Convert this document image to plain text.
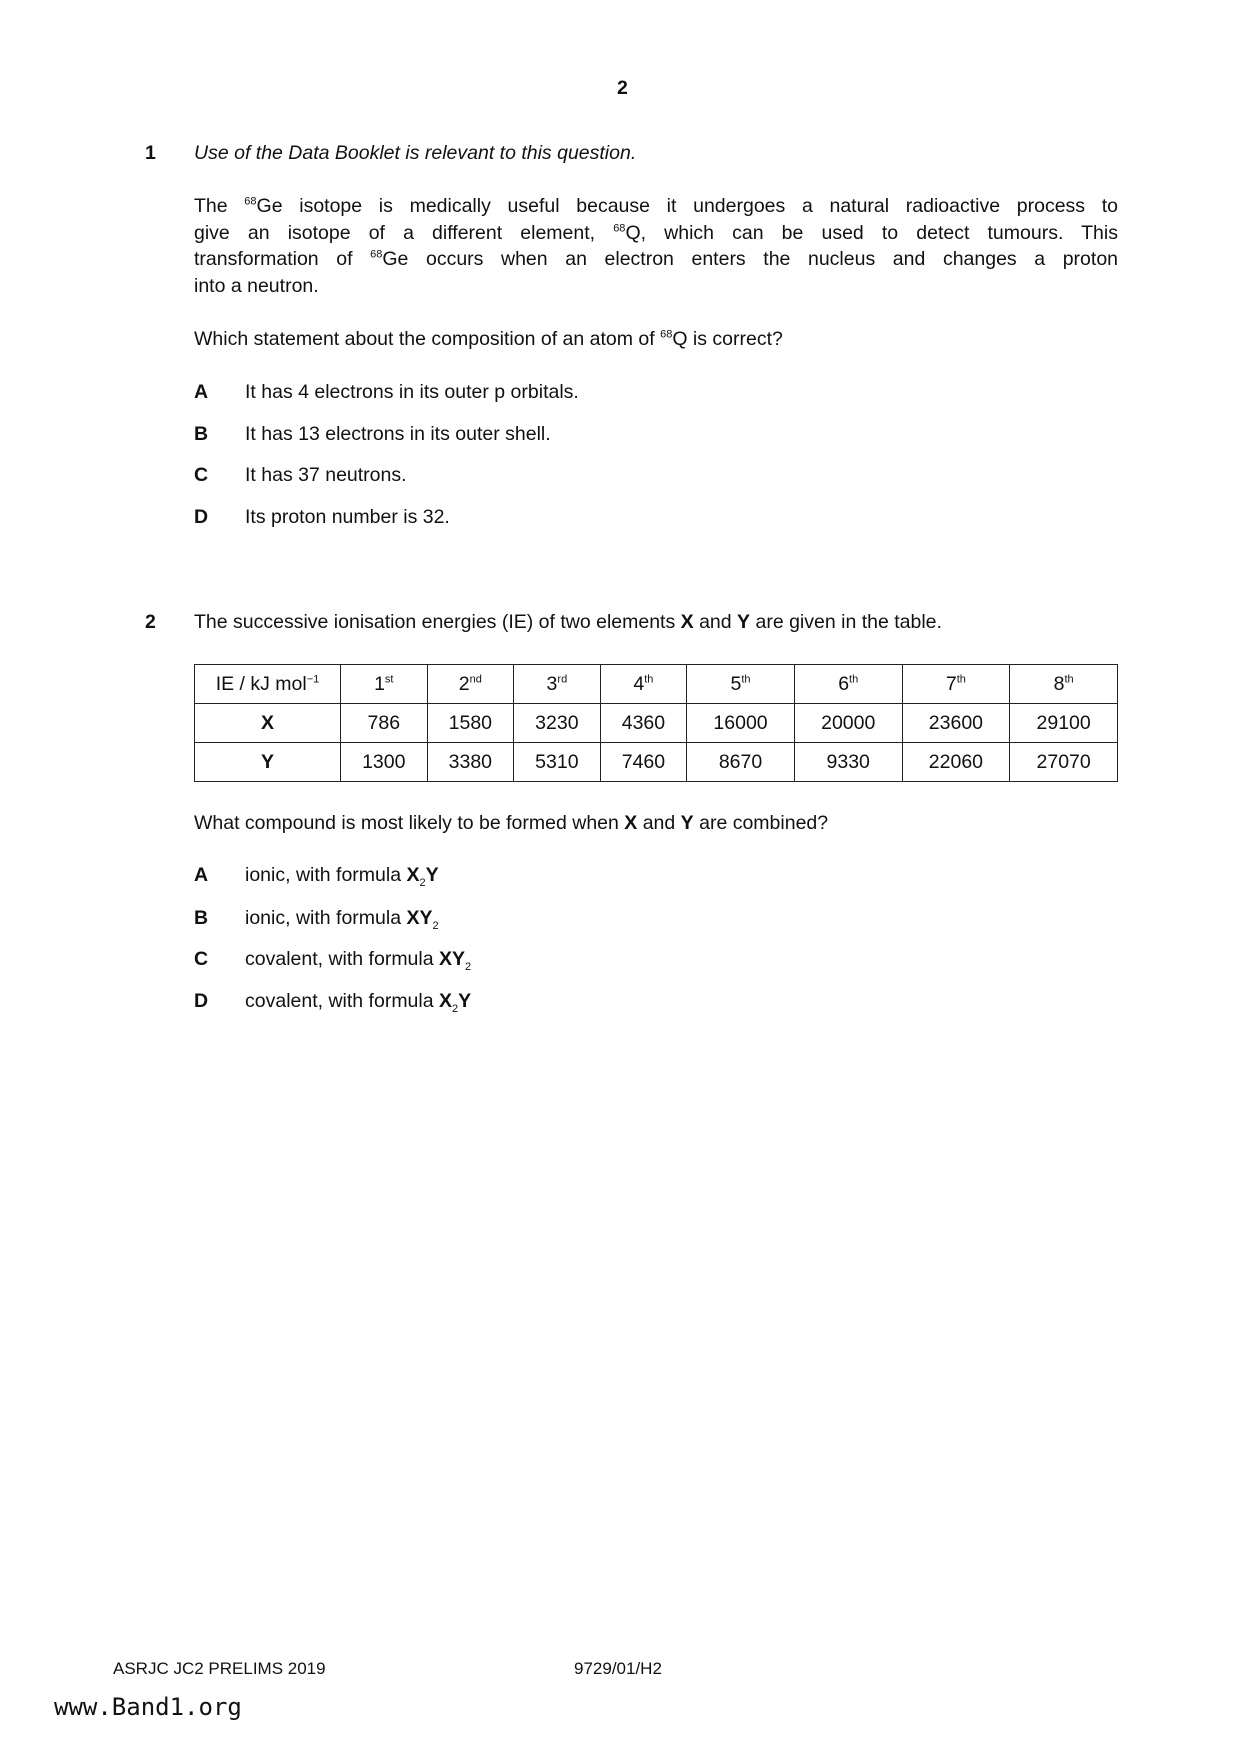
2
1 Use of the Data Booklet is relevant to this question.
The $^{68}$Ge isotope is medically useful because it undergoes a natural radioactive process to
give an isotope of a different element, $^{68}$Q, which can be used to detect tumours. This
transformation of $^{68}$Ge occurs when an electron enters the nucleus and changes a proton
into a neutron.
Which statement about the composition of an atom of $^{68}$Q is correct?
A It has 4 electrons in its outer p orbitals.
B It has 13 electrons in its outer shell.
C It has 37 neutrons.
D Its proton number is 32.
2 The successive ionisation energies (IE) of two elements X and Y are given in the table.
IE / kJ mol$^{-1}$	1st	2nd	3rd	4th	5th	6th	7th	8th
X	786	1580	3230	4360	16000	20000	23600	29100
Y	1300	3380	5310	7460	8670	9330	22060	27070
What compound is most likely to be formed when X and Y are combined?
A ionic, with formula $X_2Y$
B ionic, with formula $XY_2$
C covalent, with formula $XY_2$
D covalent, with formula $X_2Y$
ASRJC JC2 PRELIMS 2019	9729/01/H2
www.Band1.org
